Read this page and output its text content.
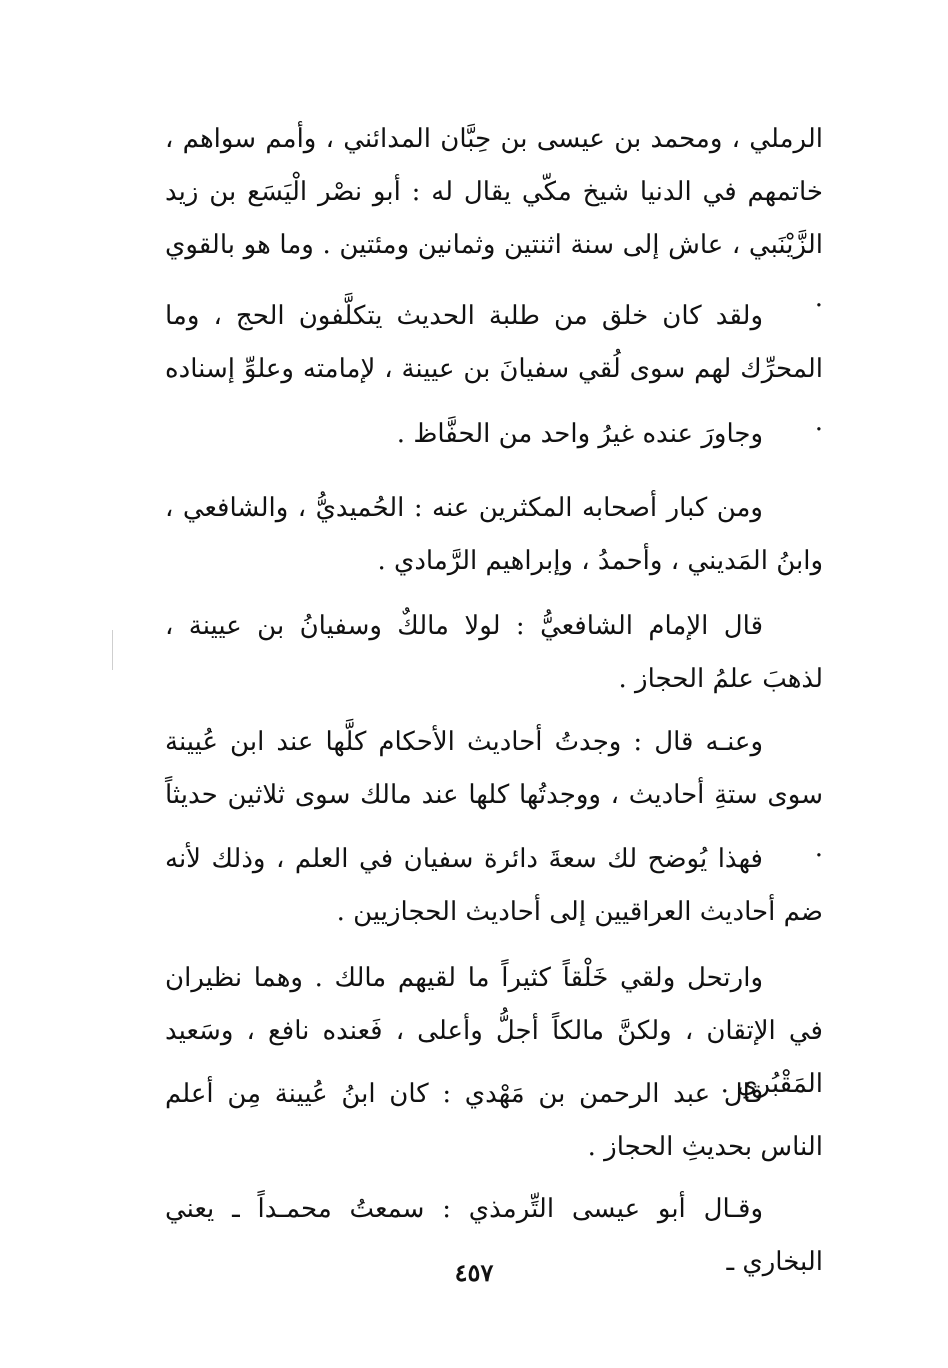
الرملي ، ومحمد بن عيسى بن حِبَّان المدائني ، وأمم سواهم ، خاتمهم في الدنيا شيخ مكّي يقال له : أبو نصْر الْيَسَع بن زيد الزَّيْنَبي ، عاش إلى سنة اثنتين وثمانين ومئتين . وما هو بالقوي .

ولقد كان خلق من طلبة الحديث يتكلَّفون الحج ، وما المحرِّك لهم سوى لُقي سفيانَ بن عيينة ، لإمامته وعلوِّ إسناده .

وجاورَ عنده غيرُ واحد من الحفَّاظ .

ومن كبار أصحابه المكثرين عنه : الحُميديُّ ، والشافعي ، وابنُ المَديني ، وأحمدُ ، وإبراهيم الرَّمادي .

قال الإمام الشافعيُّ : لولا مالكٌ وسفيانُ بن عيينة ، لذهبَ علمُ الحجاز .

وعنـه قال : وجدتُ أحاديث الأحكام كلَّها عند ابن عُيينة سوى ستةِ أحاديث ، ووجدتُها كلها عند مالك سوى ثلاثين حديثاً .

فهذا يُوضح لك سعةَ دائرة سفيان في العلم ، وذلك لأنه ضم أحاديث العراقيين إلى أحاديث الحجازيين .

وارتحل ولقي خَلْقاً كثيراً ما لقيهم مالك . وهما نظيران في الإتقان ، ولكنَّ مالكاً أجلُّ وأعلى ، فَعنده نافع ، وسَعيد المَقْبُري .

قال عبد الرحمن بن مَهْدي : كان ابنُ عُيينة مِن أعلم الناس بحديثِ الحجاز .

وقـال أبو عيسى التِّرمذي : سمعتُ محمـداً ـ يعني البخاري ـ

٤٥٧
